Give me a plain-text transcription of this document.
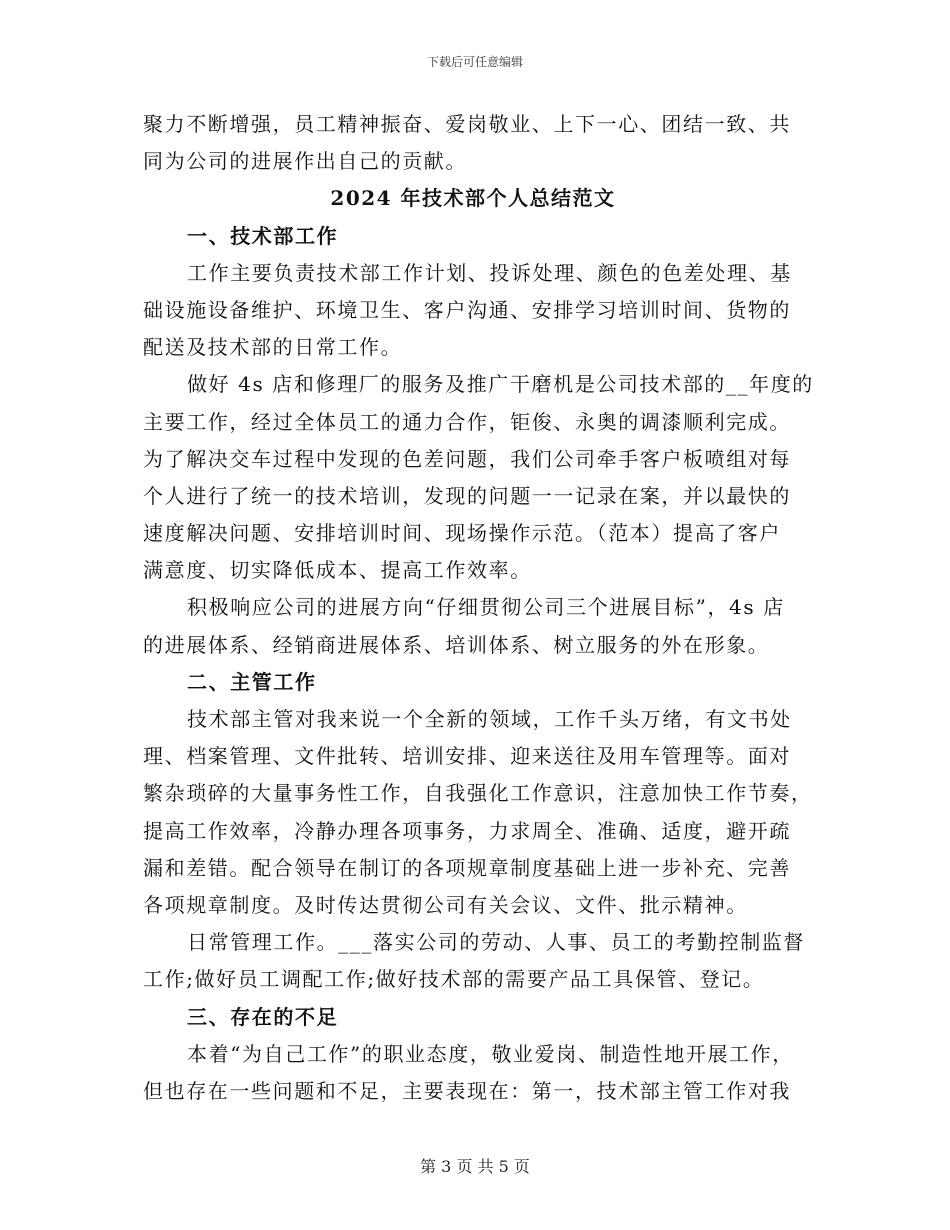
下载后可任意编辑
聚力不断增强，员工精神振奋、爱岗敬业、上下一心、团结一致、共
同为公司的进展作出自己的贡献。
2024 年技术部个人总结范文
一、技术部工作
工作主要负责技术部工作计划、投诉处理、颜色的色差处理、基
础设施设备维护、环境卫生、客户沟通、安排学习培训时间、货物的
配送及技术部的日常工作。
做好 4s 店和修理厂的服务及推广干磨机是公司技术部的__年度的
主要工作，经过全体员工的通力合作，钜俊、永奥的调漆顺利完成。
为了解决交车过程中发现的色差问题，我们公司牵手客户板喷组对每
个人进行了统一的技术培训，发现的问题一一记录在案，并以最快的
速度解决问题、安排培训时间、现场操作示范。（范本）提高了客户
满意度、切实降低成本、提高工作效率。
积极响应公司的进展方向“仔细贯彻公司三个进展目标”，4s 店
的进展体系、经销商进展体系、培训体系、树立服务的外在形象。
二、主管工作
技术部主管对我来说一个全新的领域，工作千头万绪，有文书处
理、档案管理、文件批转、培训安排、迎来送往及用车管理等。面对
繁杂琐碎的大量事务性工作，自我强化工作意识，注意加快工作节奏，
提高工作效率，冷静办理各项事务，力求周全、准确、适度，避开疏
漏和差错。配合领导在制订的各项规章制度基础上进一步补充、完善
各项规章制度。及时传达贯彻公司有关会议、文件、批示精神。
日常管理工作。___落实公司的劳动、人事、员工的考勤控制监督
工作;做好员工调配工作;做好技术部的需要产品工具保管、登记。
三、存在的不足
本着“为自己工作”的职业态度，敬业爱岗、制造性地开展工作，
但也存在一些问题和不足，主要表现在：第一，技术部主管工作对我
第 3 页 共 5 页
